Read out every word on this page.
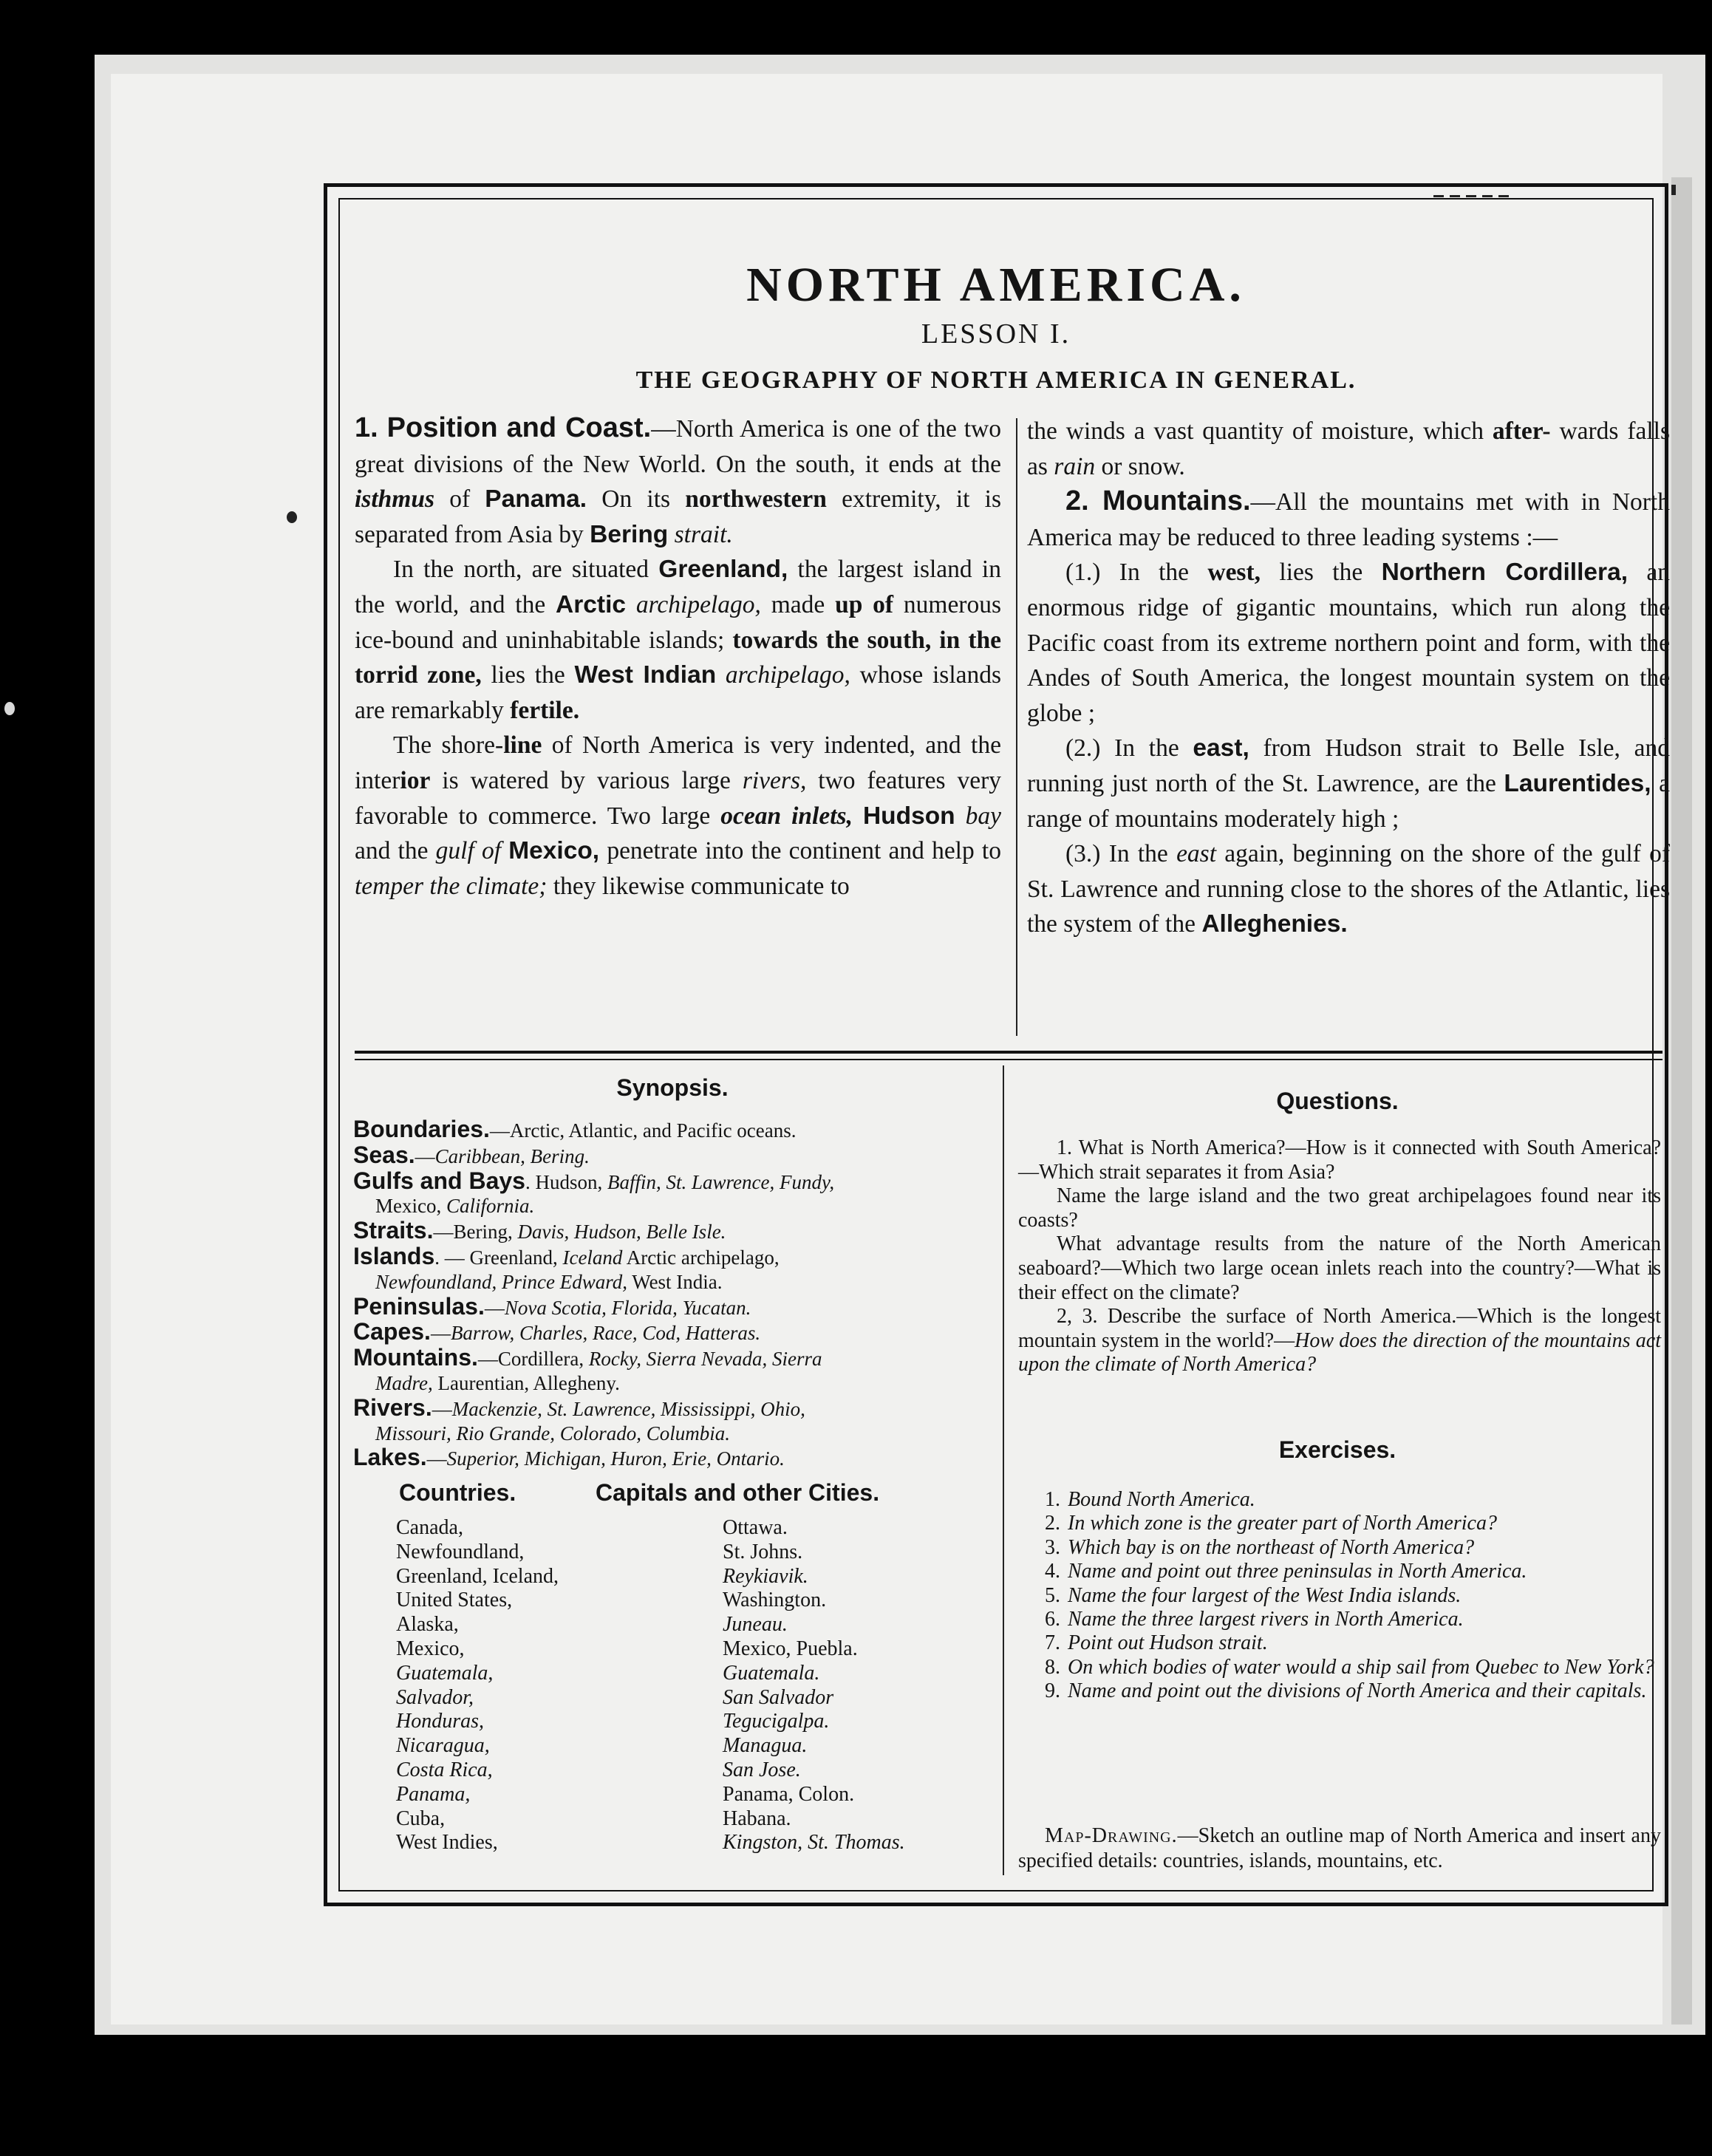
NORTH AMERICA.
LESSON I.
THE GEOGRAPHY OF NORTH AMERICA IN GENERAL.

1. Position and Coast.—North America is one of the two great divisions of the New World. On the south, it ends at the isthmus of Panama. On its northwestern extremity, it is separated from Asia by Bering strait.

In the north, are situated Greenland, the largest island in the world, and the Arctic archipelago, made up of numerous ice-bound and uninhabitable islands; towards the south, in the torrid zone, lies the West Indian archipelago, whose islands are remarkably fertile.

The shore-line of North America is very indented, and the interior is watered by various large rivers, two features very favorable to commerce. Two large ocean inlets, Hudson bay and the gulf of Mexico, penetrate into the continent and help to temper the climate; they likewise communicate to

the winds a vast quantity of moisture, which after- wards falls as rain or snow.

2. Mountains.—All the mountains met with in North America may be reduced to three leading systems :—

(1.) In the west, lies the Northern Cordillera, an enormous ridge of gigantic mountains, which run along the Pacific coast from its extreme northern point and form, with the Andes of South America, the longest mountain system on the globe ;

(2.) In the east, from Hudson strait to Belle Isle, and running just north of the St. Lawrence, are the Laurentides, a range of mountains moderately high ;

(3.) In the east again, beginning on the shore of the gulf of St. Lawrence and running close to the shores of the Atlantic, lies the system of the Alleghenies.

Synopsis.

Boundaries.—Arctic, Atlantic, and Pacific oceans.

Seas.—Caribbean, Bering.

Gulfs and Bays. Hudson, Baffin, St. Lawrence, Fundy,

Mexico, California.

Straits.—Bering, Davis, Hudson, Belle Isle.

Islands. — Greenland, Iceland Arctic archipelago,

Newfoundland, Prince Edward, West India.

Peninsulas.—Nova Scotia, Florida, Yucatan.

Capes.—Barrow, Charles, Race, Cod, Hatteras.

Mountains.—Cordillera, Rocky, Sierra Nevada, Sierra

Madre, Laurentian, Allegheny.

Rivers.—Mackenzie, St. Lawrence, Mississippi, Ohio,

Missouri, Rio Grande, Colorado, Columbia.

Lakes.—Superior, Michigan, Huron, Erie, Ontario.

Countries.	Capitals and other Cities.
Canada,
Newfoundland,
Greenland, Iceland,
United States,
Alaska,
Mexico,
Guatemala,
Salvador,
Honduras,
Nicaragua,
Costa Rica,
Panama,
Cuba,
West Indies,
Ottawa.
St. Johns.
Reykiavik.
Washington.
Juneau.
Mexico, Puebla.
Guatemala.
San Salvador
Tegucigalpa.
Managua.
San Jose.
Panama, Colon.
Habana.
Kingston, St. Thomas.
Questions.

1. What is North America?—How is it connected with South America?—Which strait separates it from Asia?

Name the large island and the two great archipelagoes found near its coasts?

What advantage results from the nature of the North American seaboard?—Which two large ocean inlets reach into the country?—What is their effect on the climate?

2, 3. Describe the surface of North America.—Which is the longest mountain system in the world?—How does the direction of the mountains act upon the climate of North America?

Exercises.
1. Bound North America.
2. In which zone is the greater part of North America?
3. Which bay is on the northeast of North America?
4. Name and point out three peninsulas in North America.
5. Name the four largest of the West India islands.
6. Name the three largest rivers in North America.
7. Point out Hudson strait.
8. On which bodies of water would a ship sail from Quebec to New York?
9. Name and point out the divisions of North America and their capitals.
Map-Drawing.—Sketch an outline map of North America and insert any specified details: countries, islands, mountains, etc.
